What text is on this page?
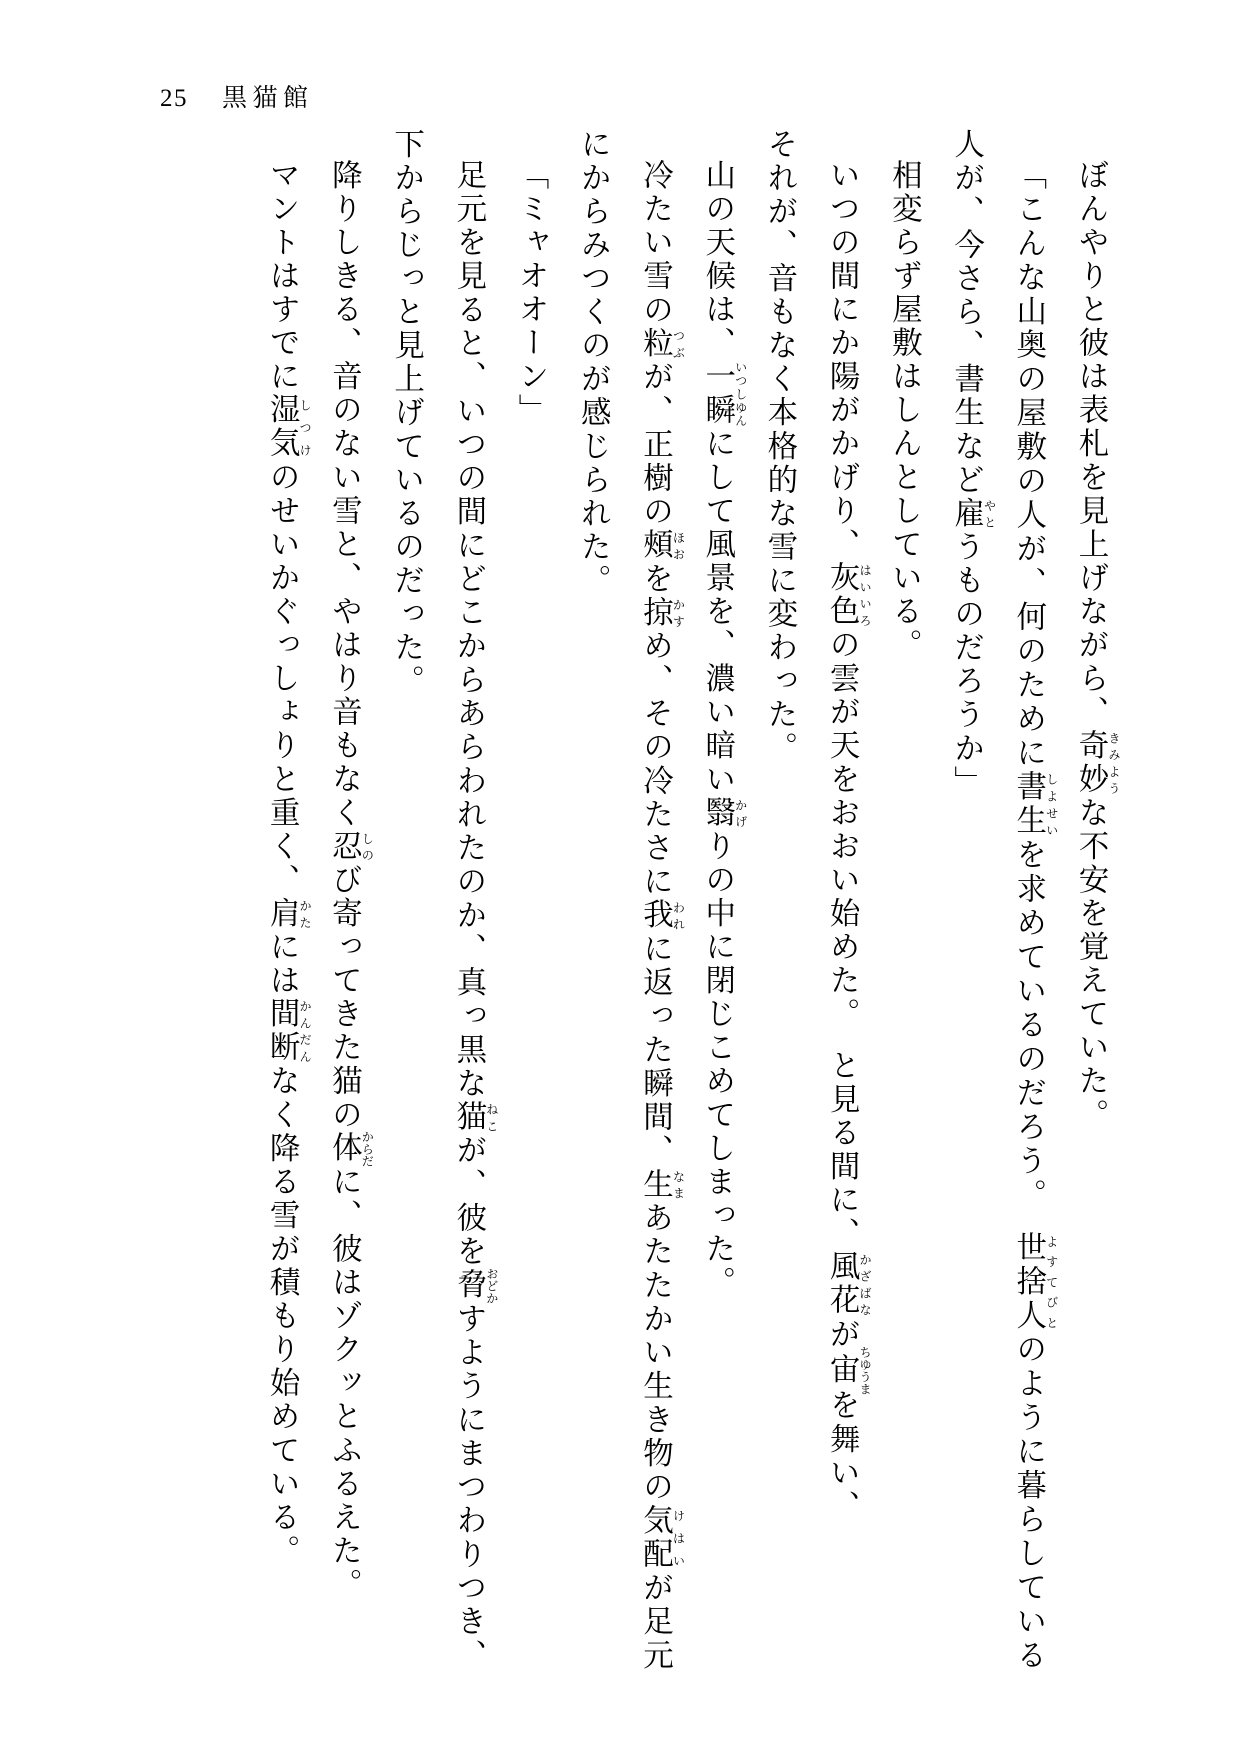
25 黒猫館

ぼんやりと彼は表札を見上げながら、奇妙 きみような不安を覚えていた。

「こんな山奥の屋敷の人が、何のために書生 しよせいを求めているのだろう。　世捨人 よすてびとのように暮らしている人が、今さら、書生など雇 やとうものだろうか」

相変らず屋敷はしんとしている。

いつの間にか陽がかげり、灰色 はいいろの雲が天をおおい始めた。　と見る間に、風花 かざばなが宙 ちゆうまを舞い、

それが、音もなく本格的な雪に変わった。

山の天候は、一瞬 いつしゆんにして風景を、濃い暗い翳 かげりの中に閉じこめてしまった。

冷たい雪の粒 つぶが、正樹の頰 ほおを掠 かすめ、その冷たさに我 われに返った瞬間、生 なまあたたかい生き物の気配 けはいが足元にからみつくのが感じられた。

「ミャオオーン」

足元を見ると、いつの間にどこからあらわれたのか、真っ黒な猫 ねこが、彼を脅 おどかすようにまつわりつき、下からじっと見上げているのだった。

降りしきる、音のない雪と、やはり音もなく忍 しのび寄ってきた猫の体 からだに、彼はゾクッとふるえた。

マントはすでに湿気 しつけのせいかぐっしょりと重く、肩 かたには間断 かんだんなく降る雪が積もり始めている。
